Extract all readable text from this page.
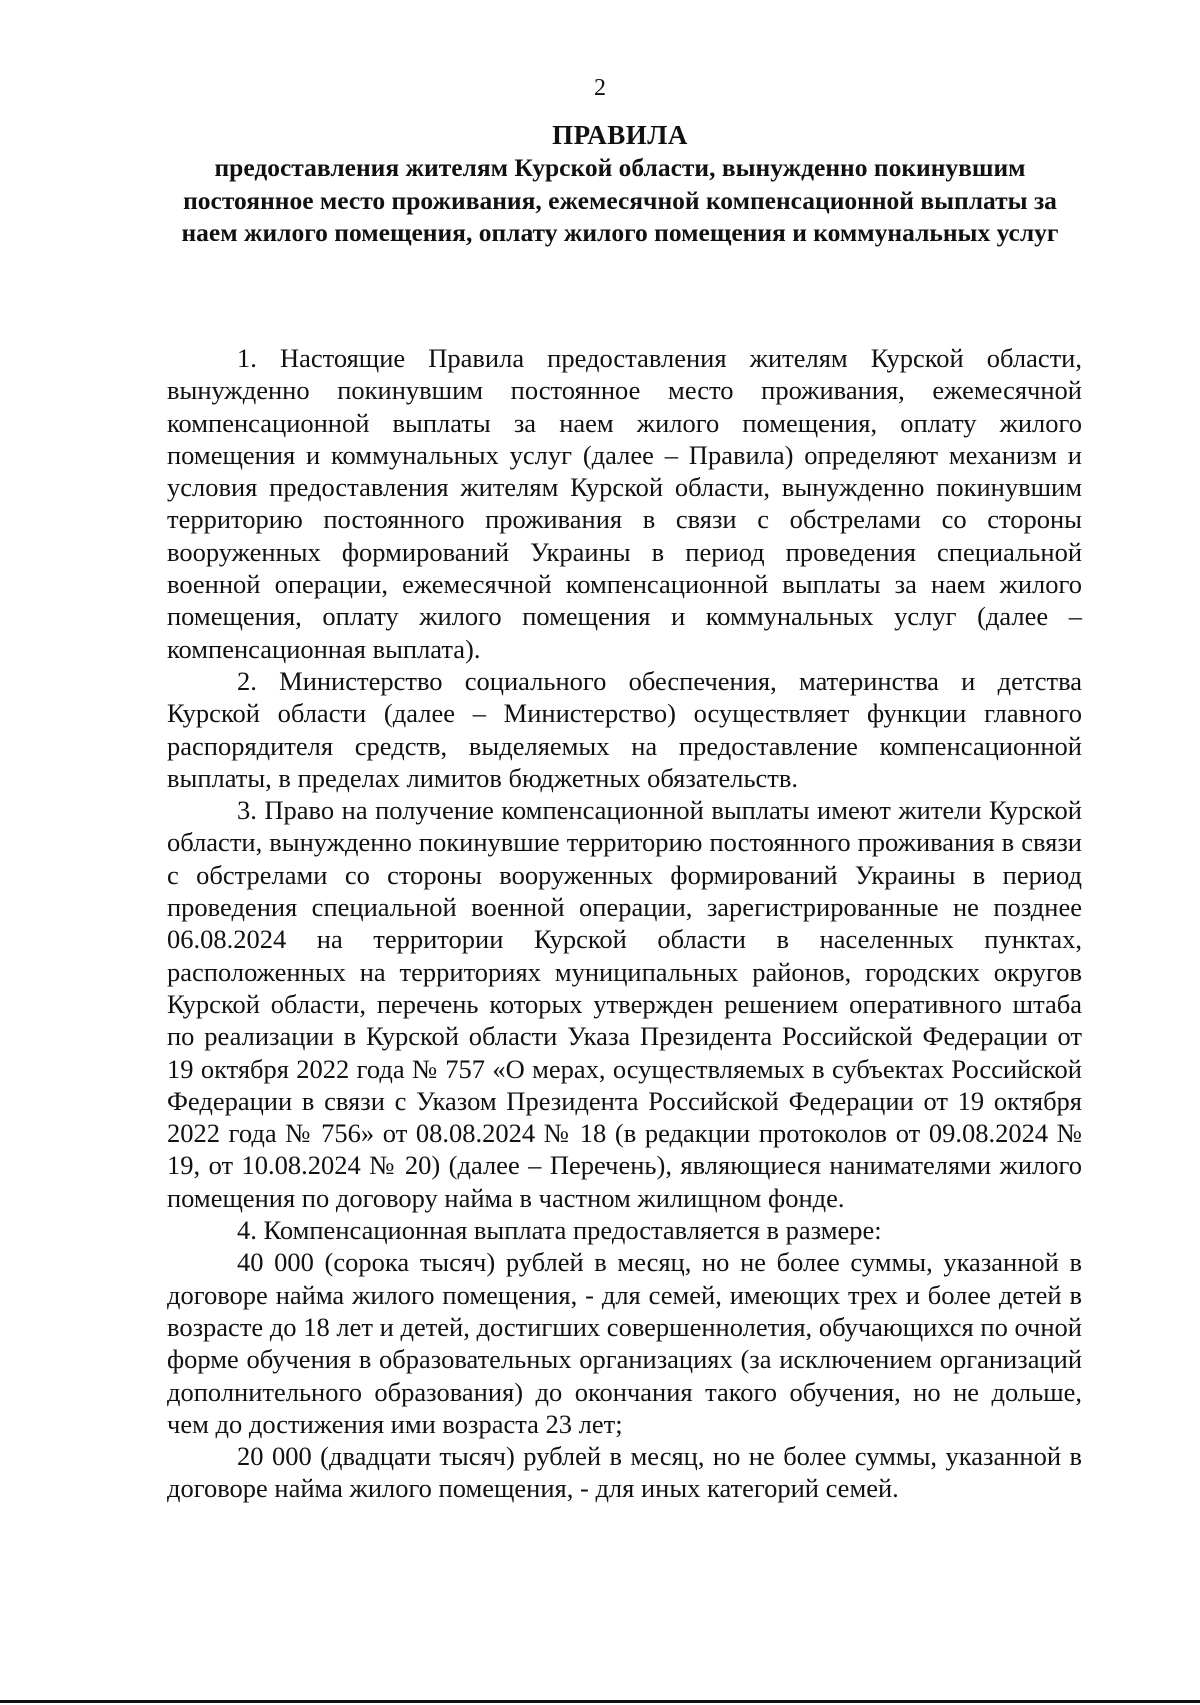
2
ПРАВИЛА
предоставления жителям Курской области, вынужденно покинувшим постоянное место проживания, ежемесячной компенсационной выплаты за наем жилого помещения, оплату жилого помещения и коммунальных услуг

1. Настоящие Правила предоставления жителям Курской области, вынужденно покинувшим постоянное место проживания, ежемесячной компенсационной выплаты за наем жилого помещения, оплату жилого помещения и коммунальных услуг (далее – Правила) определяют механизм и условия предоставления жителям Курской области, вынужденно покинувшим территорию постоянного проживания в связи с обстрелами со стороны вооруженных формирований Украины в период проведения специальной военной операции, ежемесячной компенсационной выплаты за наем жилого помещения, оплату жилого помещения и коммунальных услуг (далее – компенсационная выплата).

2. Министерство социального обеспечения, материнства и детства Курской области (далее – Министерство) осуществляет функции главного распорядителя средств, выделяемых на предоставление компенсационной выплаты, в пределах лимитов бюджетных обязательств.

3. Право на получение компенсационной выплаты имеют жители Курской области, вынужденно покинувшие территорию постоянного проживания в связи с обстрелами со стороны вооруженных формирований Украины в период проведения специальной военной операции, зарегистрированные не позднее 06.08.2024 на территории Курской области в населенных пунктах, расположенных на территориях муниципальных районов, городских округов Курской области, перечень которых утвержден решением оперативного штаба по реализации в Курской области Указа Президента Российской Федерации от 19 октября 2022 года № 757 «О мерах, осуществляемых в субъектах Российской Федерации в связи с Указом Президента Российской Федерации от 19 октября 2022 года № 756» от 08.08.2024 № 18 (в редакции протоколов от 09.08.2024 № 19, от 10.08.2024 № 20) (далее – Перечень), являющиеся нанимателями жилого помещения по договору найма в частном жилищном фонде.

4. Компенсационная выплата предоставляется в размере:

40 000 (сорока тысяч) рублей в месяц, но не более суммы, указанной в договоре найма жилого помещения, - для семей, имеющих трех и более детей в возрасте до 18 лет и детей, достигших совершеннолетия, обучающихся по очной форме обучения в образовательных организациях (за исключением организаций дополнительного образования) до окончания такого обучения, но не дольше, чем до достижения ими возраста 23 лет;

20 000 (двадцати тысяч) рублей в месяц, но не более суммы, указанной в договоре найма жилого помещения, - для иных категорий семей.
